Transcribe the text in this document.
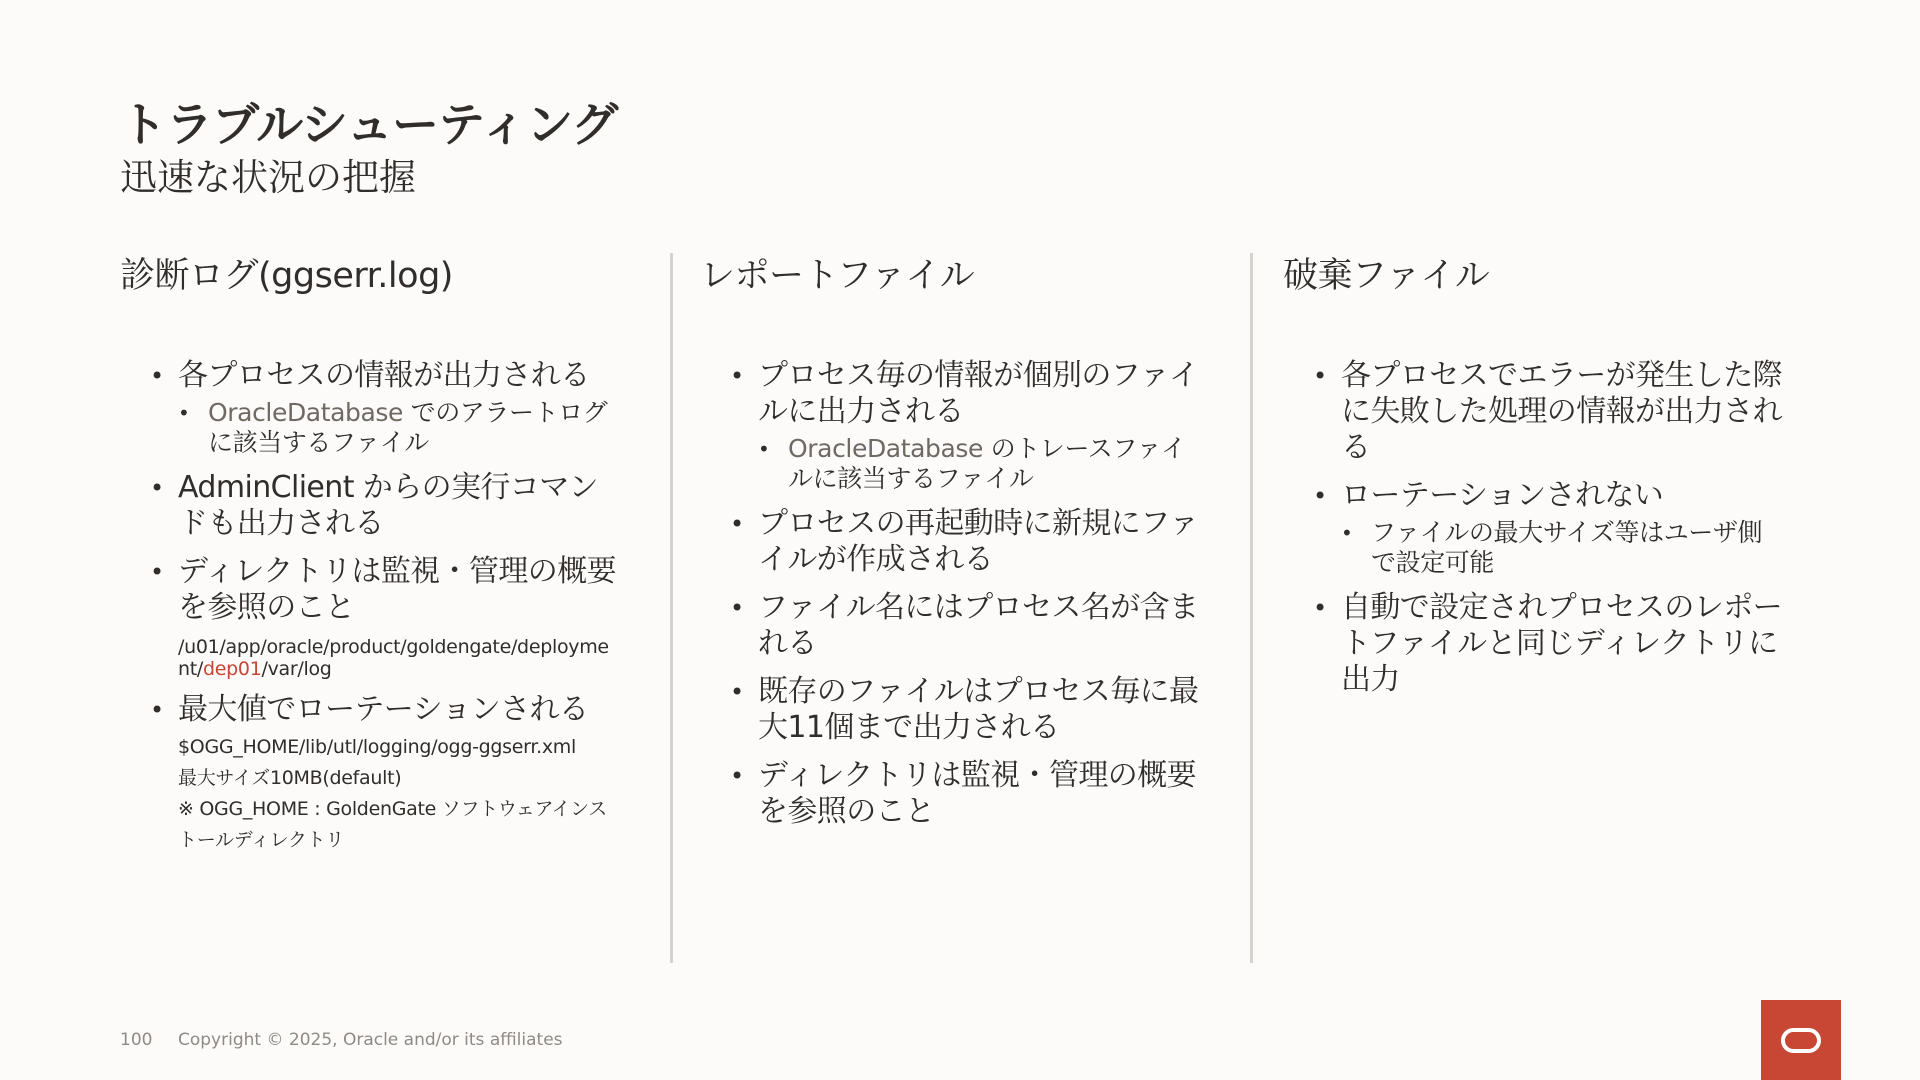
トラブルシューティング
迅速な状況の把握
診断ログ(ggserr.log)
• 各プロセスの情報が出力される
• OracleDatabase でのアラートログに該当するファイル
• AdminClient からの実行コマンドも出力される
• ディレクトリは監視・管理の概要を参照のこと
/u01/app/oracle/product/goldengate/deployment/dep01/var/log
• 最大値でローテーションされる
$OGG_HOME/lib/utl/logging/ogg-ggserr.xml
最大サイズ10MB(default)
※ OGG_HOME : GoldenGate ソフトウェアインストールディレクトリ
レポートファイル
• プロセス毎の情報が個別のファイルに出力される
• OracleDatabase のトレースファイルに該当するファイル
• プロセスの再起動時に新規にファイルが作成される
• ファイル名にはプロセス名が含まれる
• 既存のファイルはプロセス毎に最大11個まで出力される
• ディレクトリは監視・管理の概要を参照のこと
破棄ファイル
• 各プロセスでエラーが発生した際に失敗した処理の情報が出力される
• ローテーションされない
• ファイルの最大サイズ等はユーザ側で設定可能
• 自動で設定されプロセスのレポートファイルと同じディレクトリに出力
100 Copyright © 2025, Oracle and/or its affiliates
